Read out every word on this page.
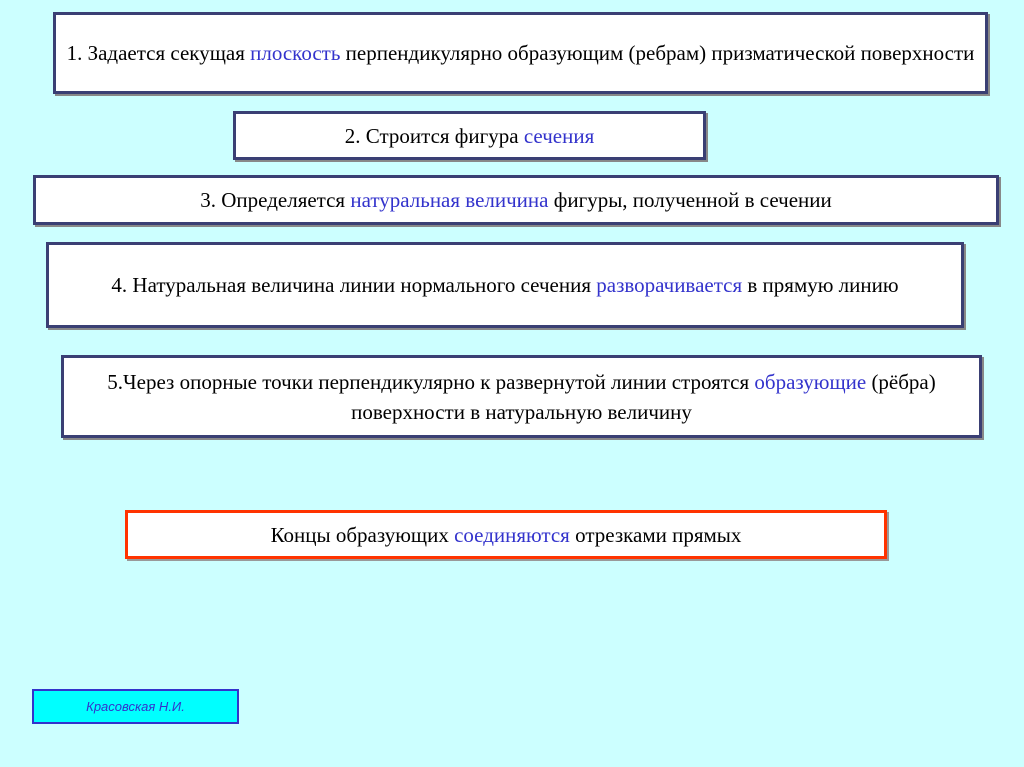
1. Задается секущая плоскость перпендикулярно образующим (ребрам) призматической поверхности
2. Строится фигура сечения
3. Определяется натуральная величина фигуры, полученной в сечении
4. Натуральная величина линии нормального сечения разворачивается в прямую линию
5.Через опорные точки перпендикулярно к развернутой линии строятся образующие (рёбра) поверхности в натуральную величину
Концы образующих соединяются отрезками прямых
Красовская Н.И.
